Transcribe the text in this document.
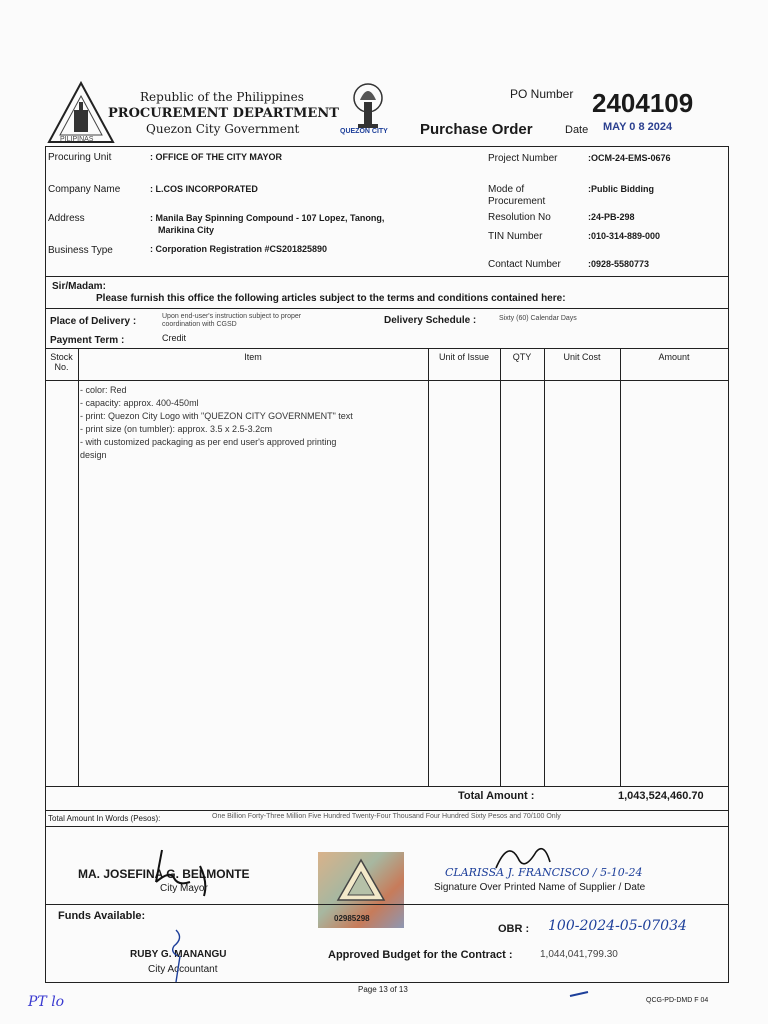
PILIPINAS
Republic of the Philippines
PROCUREMENT DEPARTMENT
Quezon City Government	QUEZON CITY
PO Number 2404109
Purchase Order	Date MAY 0 8 2024
Procuring Unit	: OFFICE OF THE CITY MAYOR
Company Name	: L.COS INCORPORATED
Address	: Manila Bay Spinning Compound - 107 Lopez, Tanong,
Marikina City
Business Type	: Corporation Registration #CS201825890
Project Number	:OCM-24-EMS-0676
Mode of
Procurement
:Public Bidding
Resolution No	:24-PB-298
TIN Number	:010-314-889-000
Contact Number	:0928-5580773
Sir/Madam:
Please furnish this office the following articles subject to the terms and conditions contained here:
Place of Delivery :	Upon end-user's instruction subject to proper
coordination with CGSD	Delivery Schedule :	Sixty (60) Calendar Days
Payment Term :	Credit
Stock No.
Item	Unit of Issue	QTY	Unit Cost	Amount
- color: Red
- capacity: approx. 400-450ml
- print: Quezon City Logo with "QUEZON CITY GOVERNMENT" text
- print size (on tumbler): approx. 3.5 x 2.5-3.2cm
- with customized packaging as per end user's approved printing
design
Total Amount :	1,043,524,460.70
Total Amount In Words (Pesos):	One Billion Forty-Three Million Five Hundred Twenty-Four Thousand Four Hundred Sixty Pesos and 70/100 Only
MA. JOSEFINA G. BELMONTE
City Mayor
02985298
CLARISSA J. FRANCISCO / 5-10-24
Signature Over Printed Name of Supplier / Date
Funds Available:
OBR : 100-2024-05-07034
RUBY G. MANANGU
City Accountant
Approved Budget for the Contract :	1,044,041,799.30
Page 13 of 13
QCG-PD-DMD F 04
PT lo
